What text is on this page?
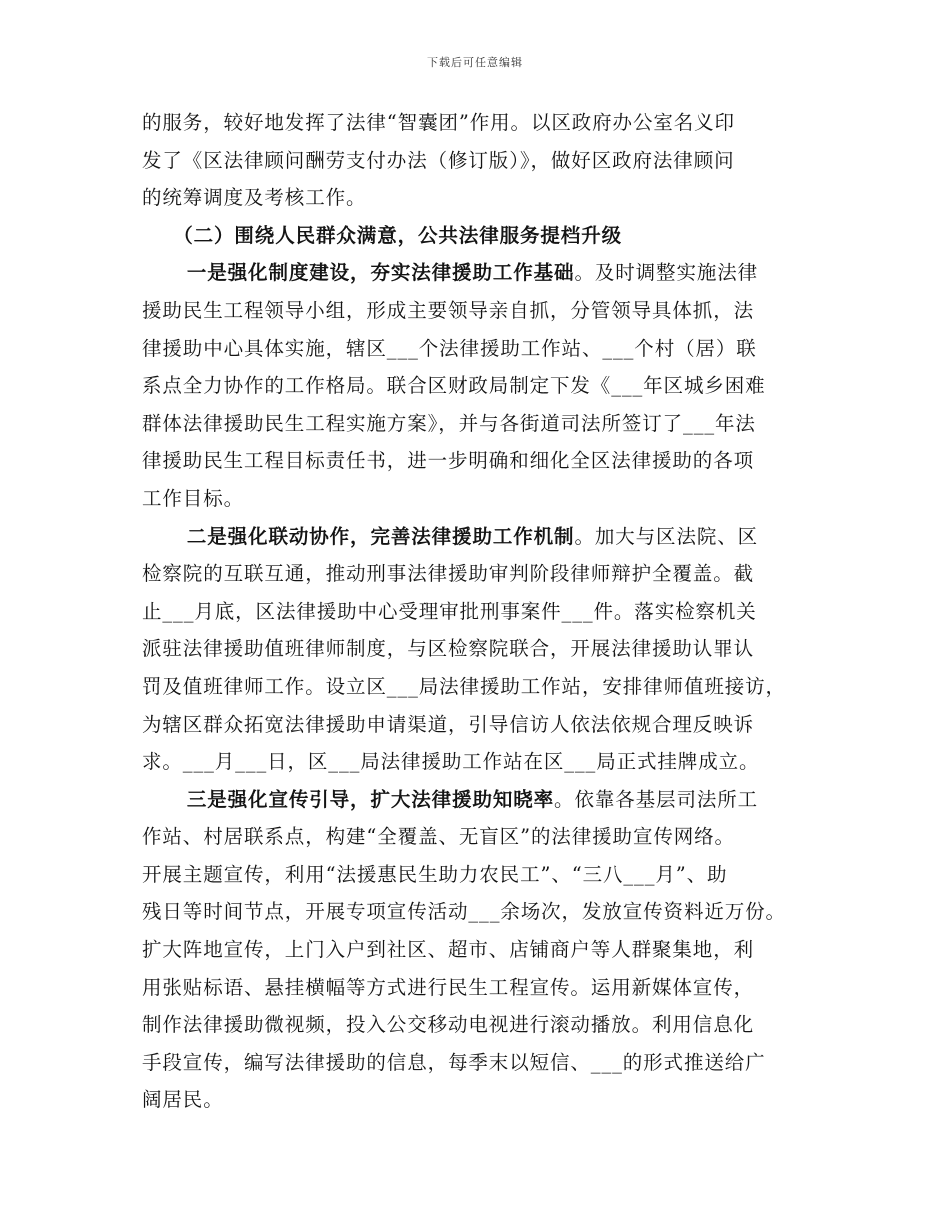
下载后可任意编辑
的服务，较好地发挥了法律“智囊团”作用。以区政府办公室名义印
发了《区法律顾问酬劳支付办法（修订版）》，做好区政府法律顾问
的统筹调度及考核工作。

（二）围绕人民群众满意，公共法律服务提档升级

一是强化制度建设，夯实法律援助工作基础。及时调整实施法律
援助民生工程领导小组，形成主要领导亲自抓，分管领导具体抓，法
律援助中心具体实施，辖区___个法律援助工作站、___个村（居）联
系点全力协作的工作格局。联合区财政局制定下发《___年区城乡困难
群体法律援助民生工程实施方案》，并与各街道司法所签订了___年法
律援助民生工程目标责任书，进一步明确和细化全区法律援助的各项
工作目标。
二是强化联动协作，完善法律援助工作机制。加大与区法院、区
检察院的互联互通，推动刑事法律援助审判阶段律师辩护全覆盖。截
止___月底，区法律援助中心受理审批刑事案件___件。落实检察机关
派驻法律援助值班律师制度，与区检察院联合，开展法律援助认罪认
罚及值班律师工作。设立区___局法律援助工作站，安排律师值班接访，
为辖区群众拓宽法律援助申请渠道，引导信访人依法依规合理反映诉
求。___月___日，区___局法律援助工作站在区___局正式挂牌成立。
三是强化宣传引导，扩大法律援助知晓率。依靠各基层司法所工
作站、村居联系点，构建“全覆盖、无盲区”的法律援助宣传网络。
开展主题宣传，利用“法援惠民生助力农民工”、“三八___月”、助
残日等时间节点，开展专项宣传活动___余场次，发放宣传资料近万份。
扩大阵地宣传，上门入户到社区、超市、店铺商户等人群聚集地，利
用张贴标语、悬挂横幅等方式进行民生工程宣传。运用新媒体宣传，
制作法律援助微视频，投入公交移动电视进行滚动播放。利用信息化
手段宣传，编写法律援助的信息，每季末以短信、___的形式推送给广
阔居民。
